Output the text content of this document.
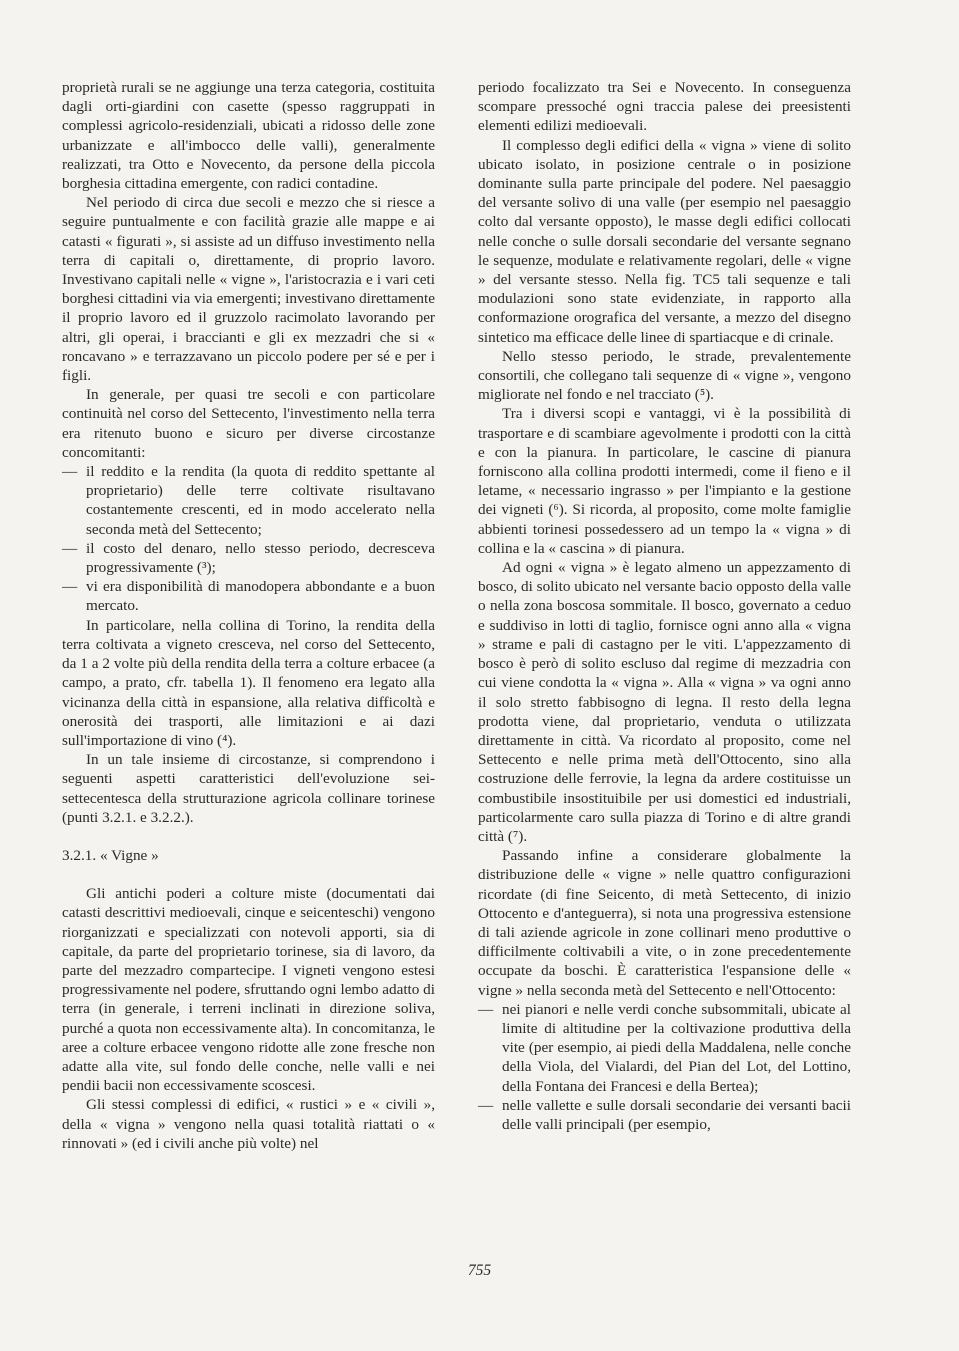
proprietà rurali se ne aggiunge una terza categoria, costituita dagli orti-giardini con casette (spesso raggruppati in complessi agricolo-residenziali, ubicati a ridosso delle zone urbanizzate e all'imbocco delle valli), generalmente realizzati, tra Otto e Novecento, da persone della piccola borghesia cittadina emergente, con radici contadine.

Nel periodo di circa due secoli e mezzo che si riesce a seguire puntualmente e con facilità grazie alle mappe e ai catasti « figurati », si assiste ad un diffuso investimento nella terra di capitali o, direttamente, di proprio lavoro. Investivano capitali nelle « vigne », l'aristocrazia e i vari ceti borghesi cittadini via via emergenti; investivano direttamente il proprio lavoro ed il gruzzolo racimolato lavorando per altri, gli operai, i braccianti e gli ex mezzadri che si « roncavano » e terrazzavano un piccolo podere per sé e per i figli.

In generale, per quasi tre secoli e con particolare continuità nel corso del Settecento, l'investimento nella terra era ritenuto buono e sicuro per diverse circostanze concomitanti:

— il reddito e la rendita (la quota di reddito spettante al proprietario) delle terre coltivate risultavano costantemente crescenti, ed in modo accelerato nella seconda metà del Settecento;

— il costo del denaro, nello stesso periodo, decresceva progressivamente (³);

— vi era disponibilità di manodopera abbondante e a buon mercato.

In particolare, nella collina di Torino, la rendita della terra coltivata a vigneto cresceva, nel corso del Settecento, da 1 a 2 volte più della rendita della terra a colture erbacee (a campo, a prato, cfr. tabella 1). Il fenomeno era legato alla vicinanza della città in espansione, alla relativa difficoltà e onerosità dei trasporti, alle limitazioni e ai dazi sull'importazione di vino (⁴).

In un tale insieme di circostanze, si comprendono i seguenti aspetti caratteristici dell'evoluzione sei-settecentesca della strutturazione agricola collinare torinese (punti 3.2.1. e 3.2.2.).

3.2.1. « Vigne »

Gli antichi poderi a colture miste (documentati dai catasti descrittivi medioevali, cinque e seicenteschi) vengono riorganizzati e specializzati con notevoli apporti, sia di capitale, da parte del proprietario torinese, sia di lavoro, da parte del mezzadro compartecipe. I vigneti vengono estesi progressivamente nel podere, sfruttando ogni lembo adatto di terra (in generale, i terreni inclinati in direzione soliva, purché a quota non eccessivamente alta). In concomitanza, le aree a colture erbacee vengono ridotte alle zone fresche non adatte alla vite, sul fondo delle conche, nelle valli e nei pendii bacii non eccessivamente scoscesi.

Gli stessi complessi di edifici, « rustici » e « civili », della « vigna » vengono nella quasi totalità riattati o « rinnovati » (ed i civili anche più volte) nel

periodo focalizzato tra Sei e Novecento. In conseguenza scompare pressoché ogni traccia palese dei preesistenti elementi edilizi medioevali.

Il complesso degli edifici della « vigna » viene di solito ubicato isolato, in posizione centrale o in posizione dominante sulla parte principale del podere. Nel paesaggio del versante solivo di una valle (per esempio nel paesaggio colto dal versante opposto), le masse degli edifici collocati nelle conche o sulle dorsali secondarie del versante segnano le sequenze, modulate e relativamente regolari, delle « vigne » del versante stesso. Nella fig. TC5 tali sequenze e tali modulazioni sono state evidenziate, in rapporto alla conformazione orografica del versante, a mezzo del disegno sintetico ma efficace delle linee di spartiacque e di crinale.

Nello stesso periodo, le strade, prevalentemente consortili, che collegano tali sequenze di « vigne », vengono migliorate nel fondo e nel tracciato (⁵).

Tra i diversi scopi e vantaggi, vi è la possibilità di trasportare e di scambiare agevolmente i prodotti con la città e con la pianura. In particolare, le cascine di pianura forniscono alla collina prodotti intermedi, come il fieno e il letame, « necessario ingrasso » per l'impianto e la gestione dei vigneti (⁶). Si ricorda, al proposito, come molte famiglie abbienti torinesi possedessero ad un tempo la « vigna » di collina e la « cascina » di pianura.

Ad ogni « vigna » è legato almeno un appezzamento di bosco, di solito ubicato nel versante bacio opposto della valle o nella zona boscosa sommitale. Il bosco, governato a ceduo e suddiviso in lotti di taglio, fornisce ogni anno alla « vigna » strame e pali di castagno per le viti. L'appezzamento di bosco è però di solito escluso dal regime di mezzadria con cui viene condotta la « vigna ». Alla « vigna » va ogni anno il solo stretto fabbisogno di legna. Il resto della legna prodotta viene, dal proprietario, venduta o utilizzata direttamente in città. Va ricordato al proposito, come nel Settecento e nelle prima metà dell'Ottocento, sino alla costruzione delle ferrovie, la legna da ardere costituisse un combustibile insostituibile per usi domestici ed industriali, particolarmente caro sulla piazza di Torino e di altre grandi città (⁷).

Passando infine a considerare globalmente la distribuzione delle « vigne » nelle quattro configurazioni ricordate (di fine Seicento, di metà Settecento, di inizio Ottocento e d'anteguerra), si nota una progressiva estensione di tali aziende agricole in zone collinari meno produttive o difficilmente coltivabili a vite, o in zone precedentemente occupate da boschi. È caratteristica l'espansione delle « vigne » nella seconda metà del Settecento e nell'Ottocento:

— nei pianori e nelle verdi conche subsommitali, ubicate al limite di altitudine per la coltivazione produttiva della vite (per esempio, ai piedi della Maddalena, nelle conche della Viola, del Vialardi, del Pian del Lot, del Lottino, della Fontana dei Francesi e della Bertea);

— nelle vallette e sulle dorsali secondarie dei versanti bacii delle valli principali (per esempio,

755
